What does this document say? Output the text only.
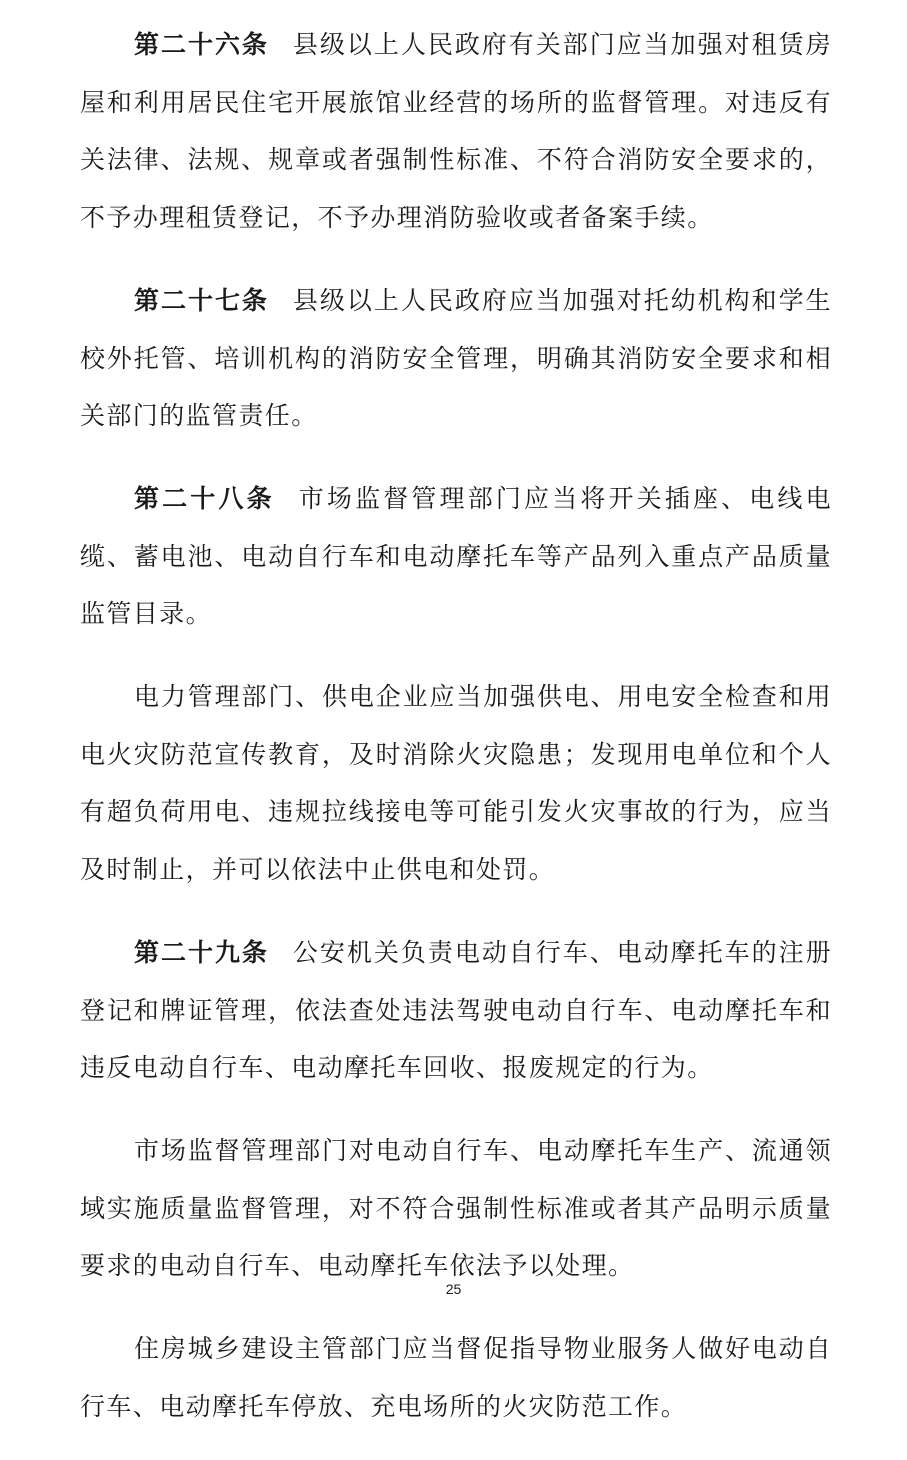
第二十六条 县级以上人民政府有关部门应当加强对租赁房屋和利用居民住宅开展旅馆业经营的场所的监督管理。对违反有关法律、法规、规章或者强制性标准、不符合消防安全要求的，不予办理租赁登记，不予办理消防验收或者备案手续。

第二十七条 县级以上人民政府应当加强对托幼机构和学生校外托管、培训机构的消防安全管理，明确其消防安全要求和相关部门的监管责任。

第二十八条 市场监督管理部门应当将开关插座、电线电缆、蓄电池、电动自行车和电动摩托车等产品列入重点产品质量监管目录。

电力管理部门、供电企业应当加强供电、用电安全检查和用电火灾防范宣传教育，及时消除火灾隐患；发现用电单位和个人有超负荷用电、违规拉线接电等可能引发火灾事故的行为，应当及时制止，并可以依法中止供电和处罚。

第二十九条 公安机关负责电动自行车、电动摩托车的注册登记和牌证管理，依法查处违法驾驶电动自行车、电动摩托车和违反电动自行车、电动摩托车回收、报废规定的行为。

市场监督管理部门对电动自行车、电动摩托车生产、流通领域实施质量监督管理，对不符合强制性标准或者其产品明示质量要求的电动自行车、电动摩托车依法予以处理。

住房城乡建设主管部门应当督促指导物业服务人做好电动自行车、电动摩托车停放、充电场所的火灾防范工作。

25
